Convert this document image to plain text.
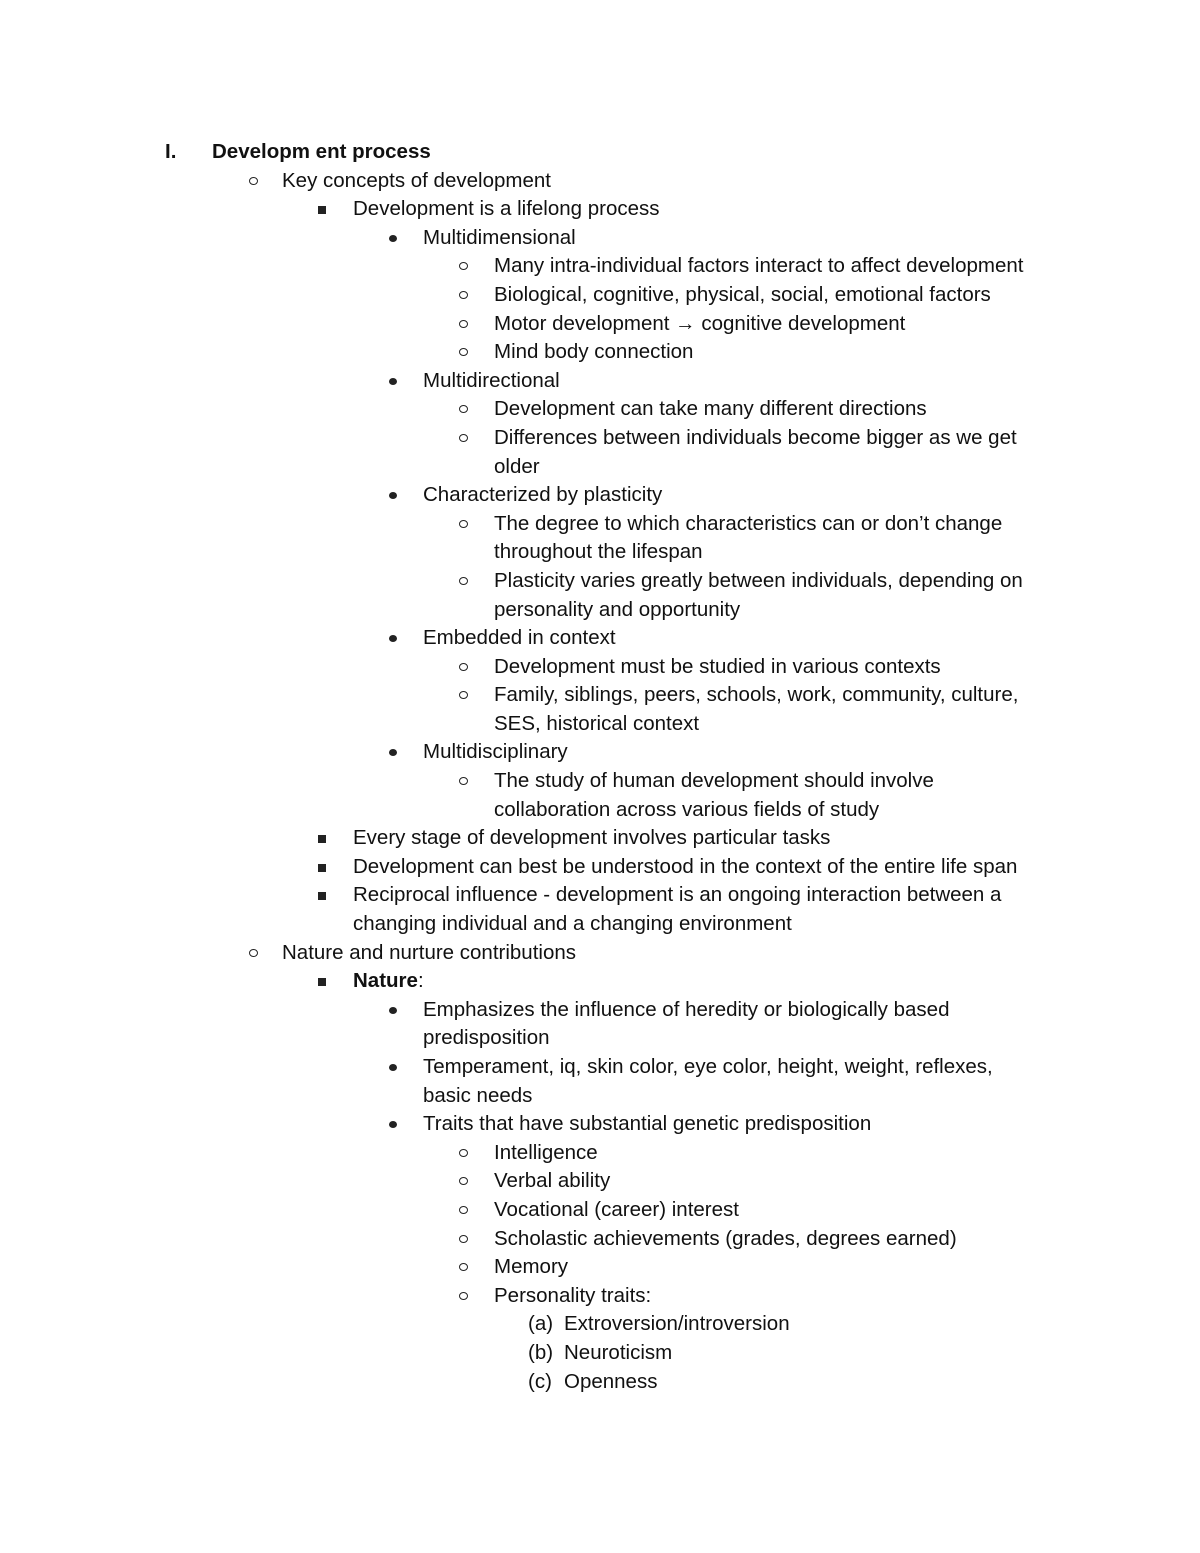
I. Developm ent process
Key concepts of development
Development is a lifelong process
Multidimensional
Many intra-individual factors interact to affect development
Biological, cognitive, physical, social, emotional factors
Motor development → cognitive development
Mind body connection
Multidirectional
Development can take many different directions
Differences between individuals become bigger as we get
older
Characterized by plasticity
The degree to which characteristics can or don’t change
throughout the lifespan
Plasticity varies greatly between individuals, depending on
personality and opportunity
Embedded in context
Development must be studied in various contexts
Family, siblings, peers, schools, work, community, culture,
SES, historical context
Multidisciplinary
The study of human development should involve
collaboration across various fields of study
Every stage of development involves particular tasks
Development can best be understood in the context of the entire life span
Reciprocal influence - development is an ongoing interaction between a
changing individual and a changing environment
Nature and nurture contributions
Nature:
Emphasizes the influence of heredity or biologically based
predisposition
Temperament, iq, skin color, eye color, height, weight, reflexes,
basic needs
Traits that have substantial genetic predisposition
Intelligence
Verbal ability
Vocational (career) interest
Scholastic achievements (grades, degrees earned)
Memory
Personality traits:
(a) Extroversion/introversion
(b) Neuroticism
(c) Openness
